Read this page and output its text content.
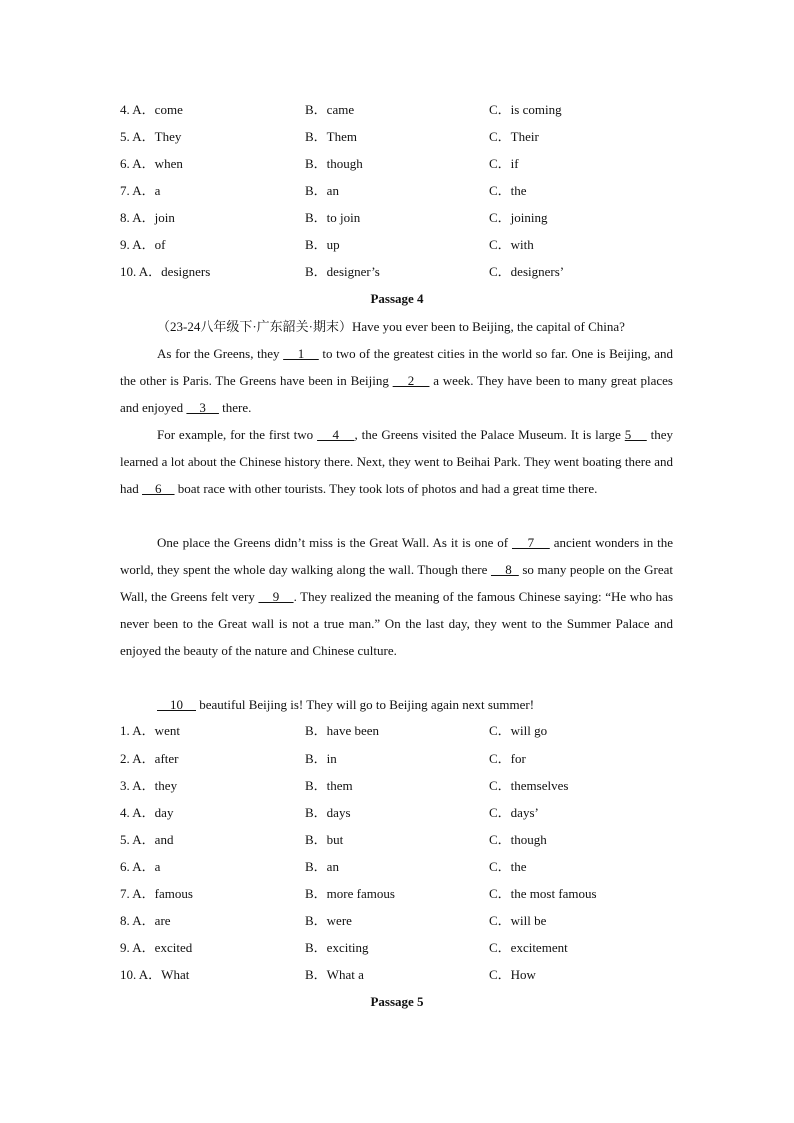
4. A．come	B．came	C．is coming
5. A．They	B．Them	C．Their
6. A．when	B．though	C．if
7. A．a	B．an	C．the
8. A．join	B．to join	C．joining
9. A．of	B．up	C．with
10. A．designers	B．designer’s	C．designers’
Passage 4

（23-24八年级下·广东韶关·期末）Have you ever been to Beijing, the capital of China?

As for the Greens, they     1     to two of the greatest cities in the world so far. One is Beijing, and the other is Paris. The Greens have been in Beijing     2     a week. They have been to many great places and enjoyed     3     there.

For example, for the first two     4    , the Greens visited the Palace Museum. It is large 5     they learned a lot about the Chinese history there. Next, they went to Beihai Park. They went boating there and had     6     boat race with other tourists. They took lots of photos and had a great time there.

One place the Greens didn’t miss is the Great Wall. As it is one of     7     ancient wonders in the world, they spent the whole day walking along the wall. Though there     8   so many people on the Great Wall, the Greens felt very     9    . They realized the meaning of the famous Chinese saying: “He who has never been to the Great wall is not a true man.” On the last day, they went to the Summer Palace and enjoyed the beauty of the nature and Chinese culture.

10     beautiful Beijing is! They will go to Beijing again next summer!

1. A．went	B．have been	C．will go
2. A．after	B．in	C．for
3. A．they	B．them	C．themselves
4. A．day	B．days	C．days’
5. A．and	B．but	C．though
6. A．a	B．an	C．the
7. A．famous	B．more famous	C．the most famous
8. A．are	B．were	C．will be
9. A．excited	B．exciting	C．excitement
10. A．What	B．What a	C．How
Passage 5
